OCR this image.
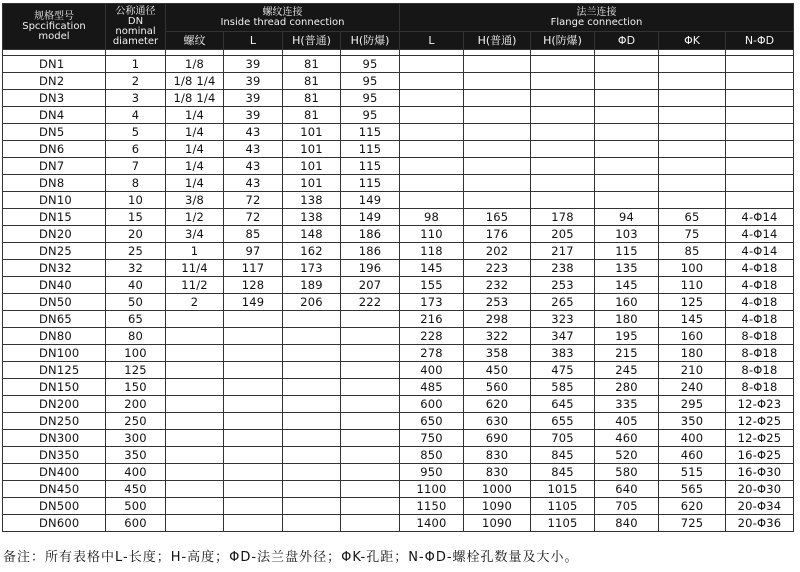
规格型号
Spccification
model	公称通径
DN
nominal
diameter	螺纹连接
Inside thread connection				法兰连接
Flange connection					

		螺纹	L	H(普通)	H(防爆)	L	H(普通)	H(防爆)	ΦD	ΦK	N-ΦD

DN1	1	1/8	39	81	95						
DN2	2	1/8 1/4	39	81	95						
DN3	3	1/8 1/4	39	81	95						
DN4	4	1/4	39	81	95						
DN5	5	1/4	43	101	115						
DN6	6	1/4	43	101	115						
DN7	7	1/4	43	101	115						
DN8	8	1/4	43	101	115						
DN10	10	3/8	72	138	149						
DN15	15	1/2	72	138	149	98	165	178	94	65	4-Φ14
DN20	20	3/4	85	148	186	110	176	205	103	75	4-Φ14
DN25	25	1	97	162	186	118	202	217	115	85	4-Φ14
DN32	32	11/4	117	173	196	145	223	238	135	100	4-Φ18
DN40	40	11/2	128	189	207	155	232	253	145	110	4-Φ18
DN50	50	2	149	206	222	173	253	265	160	125	4-Φ18
DN65	65					216	298	323	180	145	4-Φ18
DN80	80					228	322	347	195	160	8-Φ18
DN100	100					278	358	383	215	180	8-Φ18
DN125	125					400	450	475	245	210	8-Φ18
DN150	150					485	560	585	280	240	8-Φ18
DN200	200					600	620	645	335	295	12-Φ23
DN250	250					650	630	655	405	350	12-Φ25
DN300	300					750	690	705	460	400	12-Φ25
DN350	350					850	830	845	520	460	16-Φ25
DN400	400					950	830	845	580	515	16-Φ30
DN450	450					1100	1000	1015	640	565	20-Φ30
DN500	500					1150	1090	1105	705	620	20-Φ34
DN600	600					1400	1090	1105	840	725	20-Φ36
备注：所有表格中L-长度；H-高度；ΦD-法兰盘外径；ΦK-孔距；N-ΦD-螺栓孔数量及大小。
